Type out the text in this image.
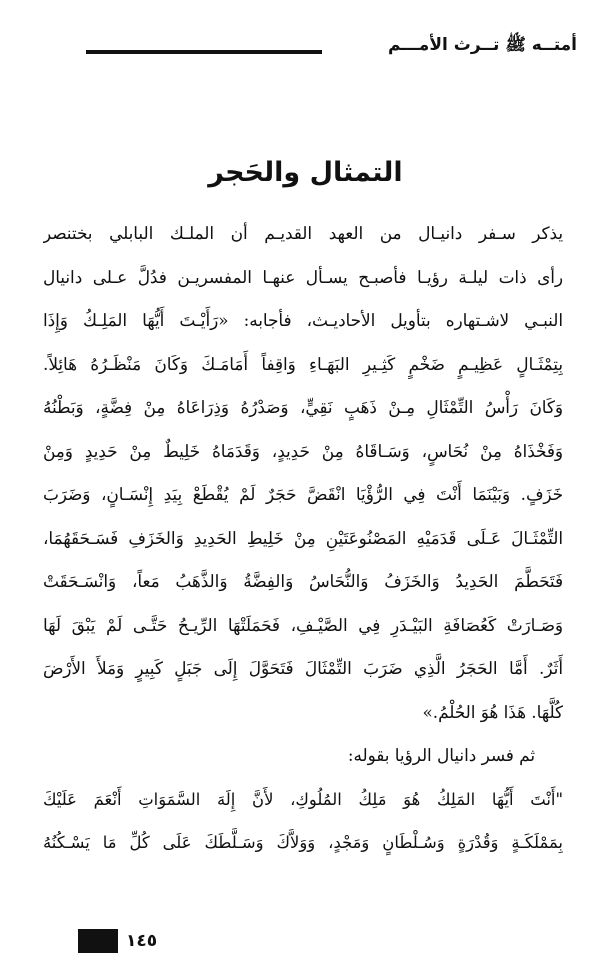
أمتــه ﷺ تــرث الأمـــم
التمثال والحَجر
يذكر سـفر دانيـال من العهد القديـم أن الملـك البابلي بختنصر
رأى ذات ليلـة رؤيـا فأصبـح يسـأل عنهـا المفسريـن فدُلَّ عـلى دانيال
النبـي لاشـتهاره بتأويل الأحاديـث، فأجابه: «رَأَيْـتَ أَيُّهَا المَلِـكُ وَإِذَا
بِتِمْثَـالٍ عَظِيـمٍ ضَخْمٍ كَثِـيرِ البَهَـاءِ وَاقِفاً أَمَامَـكَ وَكَانَ مَنْظَـرُهُ هَائِلاً.
وَكَانَ رَأْسُ التِّمْثَالِ مِـنْ ذَهَبٍ نَقِيٍّ، وَصَدْرُهُ وَذِرَاعَاهُ مِنْ فِضَّةٍ، وَبَطْنُهُ
وَفَخْذَاهُ مِنْ نُحَاسٍ، وَسَـاقَاهُ مِنْ حَدِيدٍ، وَقَدَمَاهُ خَلِيطٌ مِنْ حَدِيدٍ وَمِنْ
خَزَفٍ. وَبَيْنَمَا أَنْتَ فِي الرُّؤْيَا انْقَضَّ حَجَرٌ لَمْ يُقْطَعْ بِيَدِ إِنْسَـانٍ، وَضَرَبَ
التِّمْثَـالَ عَـلَى قَدَمَيْهِ المَصْنُوعَتَيْنِ مِنْ خَلِيطِ الحَدِيدِ وَالخَزَفِ فَسَـحَقَهُمَا،
فَتَحَطَّمَ الحَدِيدُ وَالخَزَفُ وَالنُّحَاسُ وَالفِضَّةُ وَالذَّهَبُ مَعاً، وَانْسَـحَقَتْ
وَصَـارَتْ كَعُصَافَةِ البَيْـدَرِ فِي الصَّيْـفِ، فَحَمَلَتْهَا الرِّيـحُ حَتَّـى لَمْ يَبْقَ لَهَا
أَثَرٌ. أَمَّا الحَجَرُ الَّذِي ضَرَبَ التِّمْثَالَ فَتَحَوَّلَ إِلَى جَبَلٍ كَبِيرٍ وَمَلأَ الأَرْضَ
كُلَّهَا. هَذَا هُوَ الحُلْمُ.»
ثم فسر دانيال الرؤيا بقوله:
"أَنْتَ أَيُّهَا المَلِكُ هُوَ مَلِكُ المُلُوكِ، لأَنَّ إِلَهَ السَّمَوَاتِ أَنْعَمَ عَلَيْكَ
بِمَمْلَكَـةٍ وَقُدْرَةٍ وَسُـلْطَانٍ وَمَجْدٍ، وَوَلاَّكَ وَسَـلَّطَكَ عَلَى كُلِّ مَا يَسْـكُنُهُ
١٤٥
